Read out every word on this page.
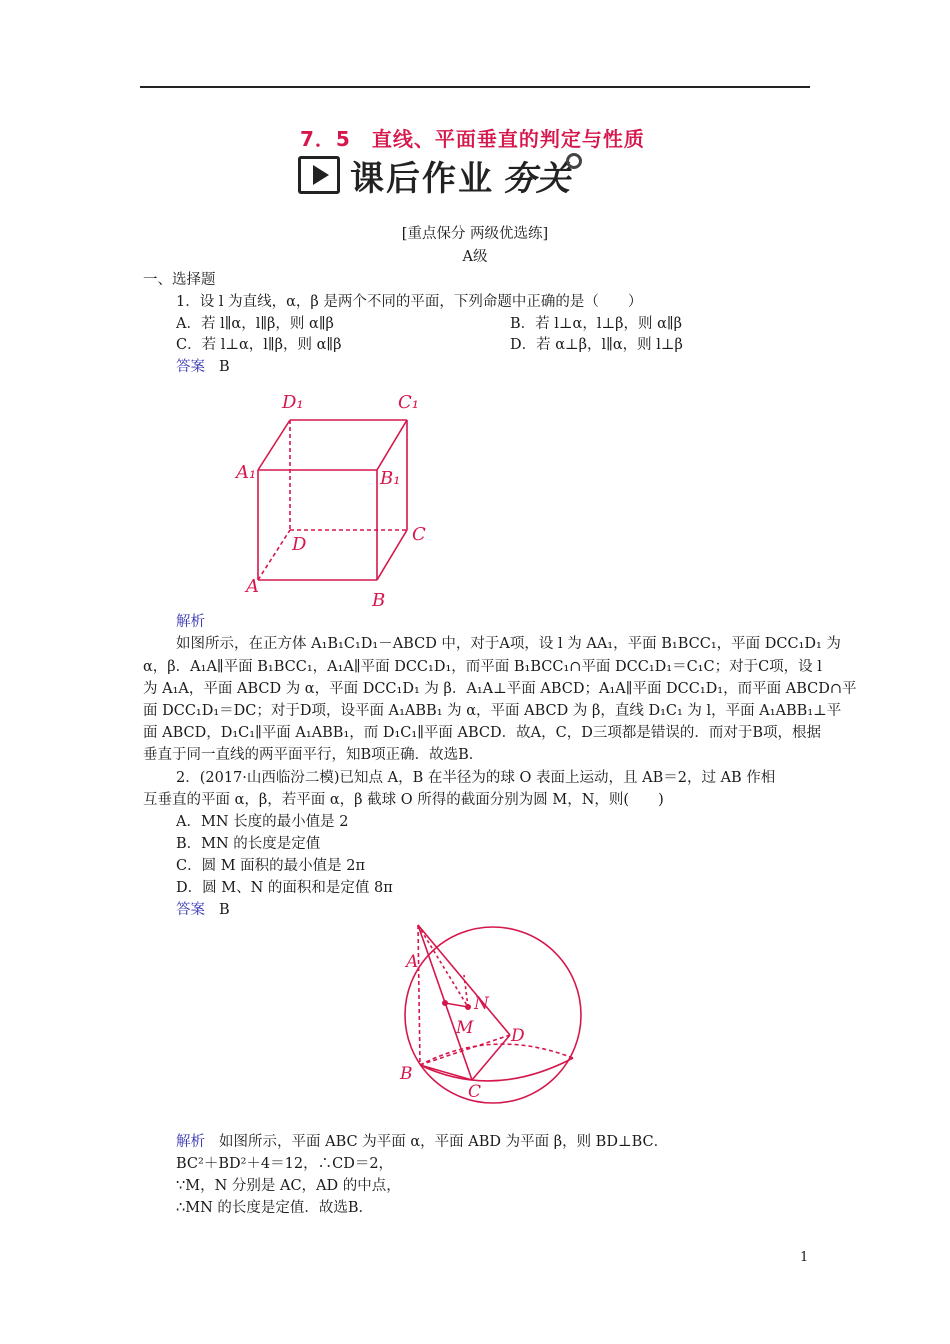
7．5　直线、平面垂直的判定与性质
课后作业 夯关
[重点保分 两级优选练]
A级
一、选择题
1．设 l 为直线，α，β 是两个不同的平面，下列命题中正确的是（　　）
A．若 l∥α，l∥β，则 α∥β	B．若 l⊥α，l⊥β，则 α∥β
C．若 l⊥α，l∥β，则 α∥β	D．若 α⊥β，l∥α，则 l⊥β
答案 B
D₁	C₁
A₁	B₁
D	C
A
B
解析
如图所示，在正方体 A₁B₁C₁D₁－ABCD 中，对于A项，设 l 为 AA₁，平面 B₁BCC₁，平面 DCC₁D₁ 为
α，β．A₁A∥平面 B₁BCC₁，A₁A∥平面 DCC₁D₁，而平面 B₁BCC₁∩平面 DCC₁D₁＝C₁C；对于C项，设 l
为 A₁A，平面 ABCD 为 α，平面 DCC₁D₁ 为 β．A₁A⊥平面 ABCD；A₁A∥平面 DCC₁D₁，而平面 ABCD∩平
面 DCC₁D₁＝DC；对于D项，设平面 A₁ABB₁ 为 α，平面 ABCD 为 β，直线 D₁C₁ 为 l，平面 A₁ABB₁⊥平
面 ABCD，D₁C₁∥平面 A₁ABB₁，而 D₁C₁∥平面 ABCD．故A，C，D三项都是错误的．而对于B项，根据
垂直于同一直线的两平面平行，知B项正确．故选B．
2．(2017·山西临汾二模)已知点 A，B 在半径为的球 O 表面上运动，且 AB＝2，过 AB 作相
互垂直的平面 α，β，若平面 α，β 截球 O 所得的截面分别为圆 M，N，则(　　)
A．MN 长度的最小值是 2
B．MN 的长度是定值
C．圆 M 面积的最小值是 2π
D．圆 M、N 的面积和是定值 8π
答案 B
A
N
M D
B
C
解析 如图所示，平面 ABC 为平面 α，平面 ABD 为平面 β，则 BD⊥BC．
BC²＋BD²＋4＝12，∴CD＝2，
∵M，N 分别是 AC，AD 的中点，
∴MN 的长度是定值．故选B．
1
